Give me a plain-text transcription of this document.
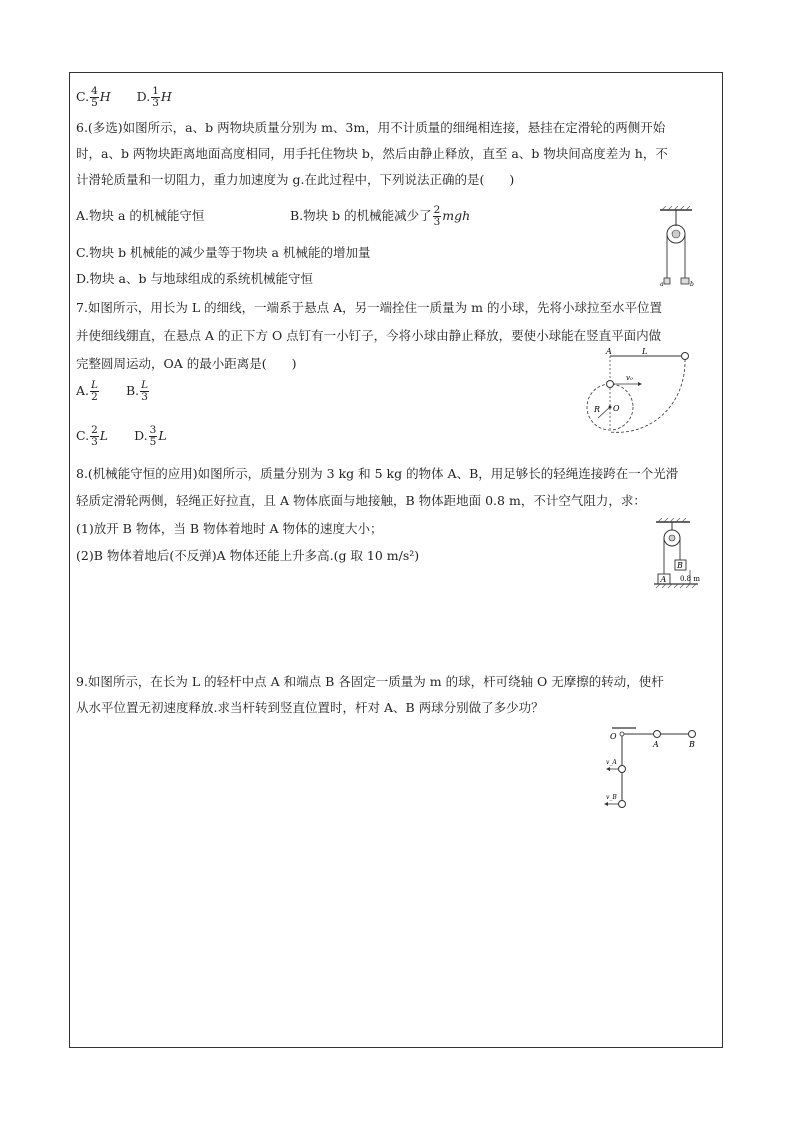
C. $\frac{4}{5}$ H D. $\frac{1}{3}$ H
6.(多选)如图所示，a、b 两物块质量分别为 m、3m，用不计质量的细绳相连接，悬挂在定滑轮的两侧开始
时，a、b 两物块距离地面高度相同，用手托住物块 b，然后由静止释放，直至 a、b 物块间高度差为 h，不
计滑轮质量和一切阻力，重力加速度为 g.在此过程中，下列说法正确的是(　　)
A.物块 a 的机械能守恒	B.物块 b 的机械能减少了 $\frac{2}{3}$ mgh
C.物块 b 机械能的减少量等于物块 a 机械能的增加量
D.物块 a、b 与地球组成的系统机械能守恒	a	b
7.如图所示，用长为 L 的细线，一端系于悬点 A，另一端拴住一质量为 m 的小球，先将小球拉至水平位置
并使细线绷直，在悬点 A 的正下方 O 点钉有一小钉子，今将小球由静止释放，要使小球能在竖直平面内做
完整圆周运动，OA 的最小距离是(　　)
A. $\frac{L}{2} B$. $\frac{L}{3}$
C. $\frac{2}{3}$ L D. $\frac{3}{5}$ L
A	L
v₀
R O
8.(机械能守恒的应用)如图所示，质量分别为 3 kg 和 5 kg 的物体 A、B，用足够长的轻绳连接跨在一个光滑
轻质定滑轮两侧，轻绳正好拉直，且 A 物体底面与地接触，B 物体距地面 0.8 m，不计空气阻力，求：
(1)放开 B 物体，当 B 物体着地时 A 物体的速度大小；
(2)B 物体着地后(不反弹)A 物体还能上升多高.(g 取 10 m/s²)
A
B
0.8 m
9.如图所示，在长为 L 的轻杆中点 A 和端点 B 各固定一质量为 m 的球，杆可绕轴 O 无摩擦的转动，使杆
从水平位置无初速度释放.求当杆转到竖直位置时，杆对 A、B 两球分别做了多少功？
O
A	B
v_A
v_B
